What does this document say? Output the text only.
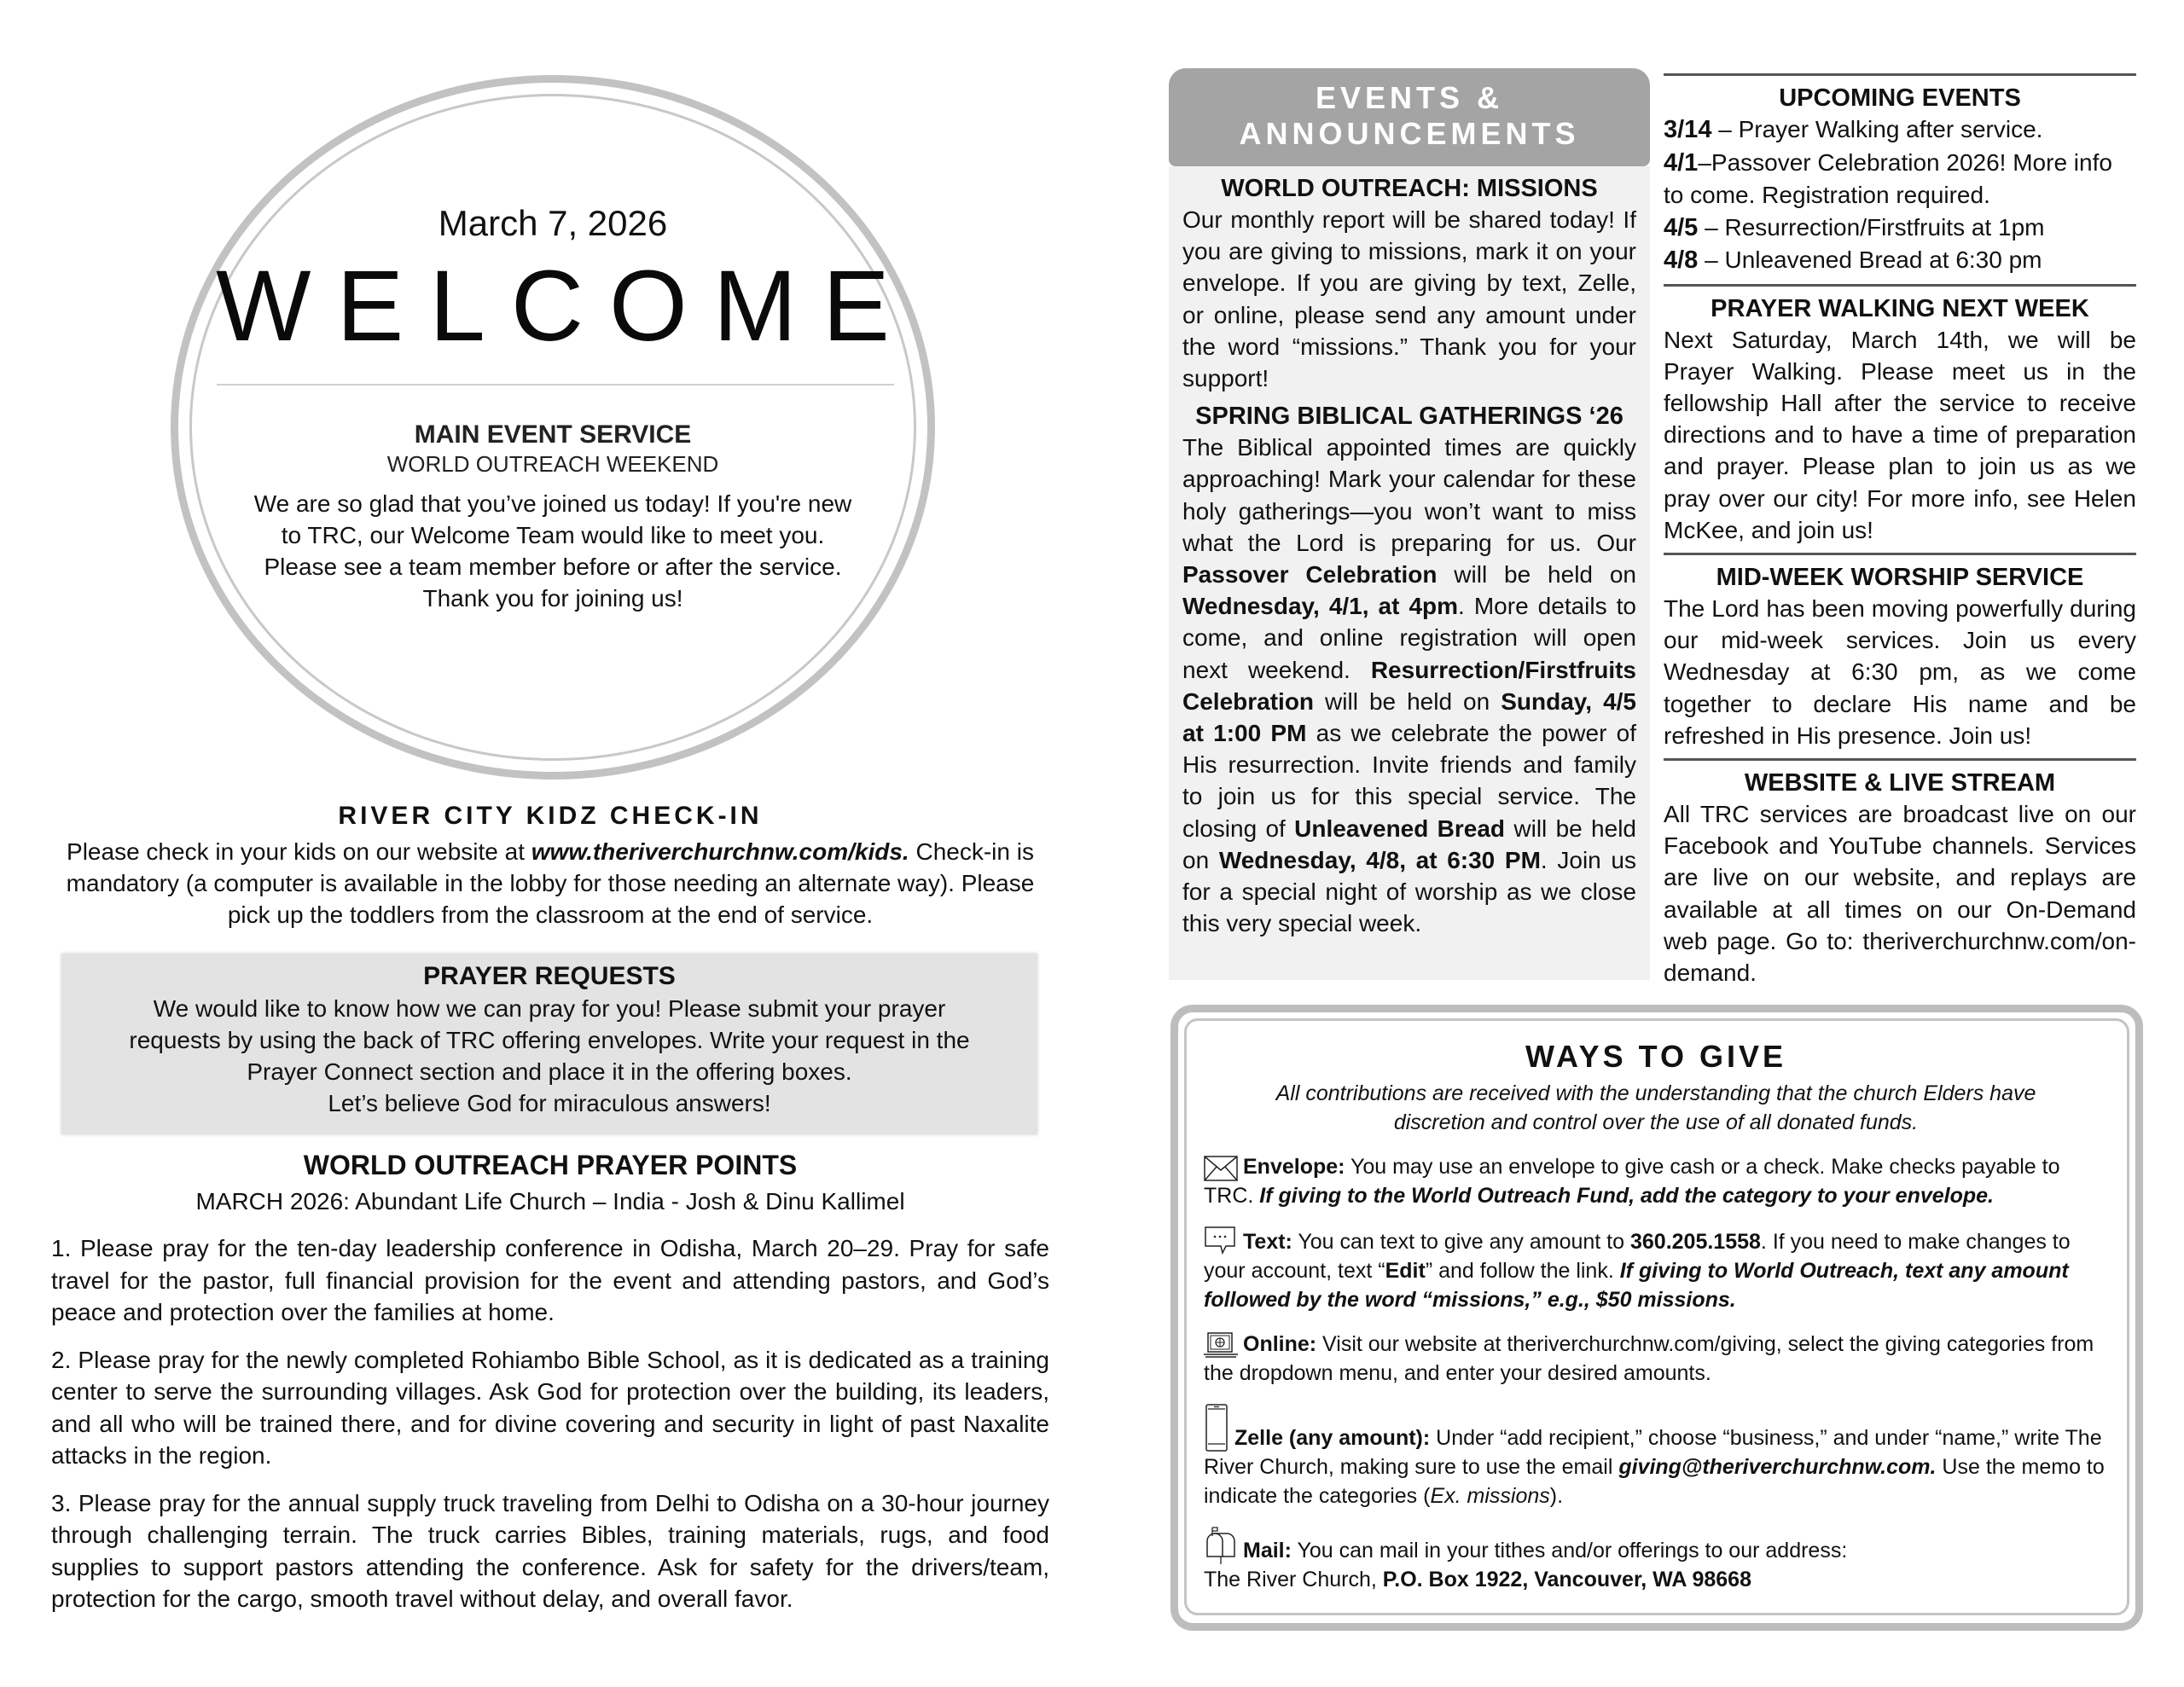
March 7, 2026
WELCOME
MAIN EVENT SERVICE
WORLD OUTREACH WEEKEND
We are so glad that you’ve joined us today! If you're new to TRC, our Welcome Team would like to meet you. Please see a team member before or after the service. Thank you for joining us!
RIVER CITY KIDZ CHECK-IN
Please check in your kids on our website at www.theriverchurchnw.com/kids. Check-in is mandatory (a computer is available in the lobby for those needing an alternate way). Please pick up the toddlers from the classroom at the end of service.
PRAYER REQUESTS
We would like to know how we can pray for you! Please submit your prayer
requests by using the back of TRC offering envelopes. Write your request in the
Prayer Connect section and place it in the offering boxes.
Let’s believe God for miraculous answers!
WORLD OUTREACH PRAYER POINTS
MARCH 2026: Abundant Life Church – India - Josh & Dinu Kallimel
1. Please pray for the ten-day leadership conference in Odisha, March 20–29. Pray for safe travel for the pastor, full financial provision for the event and attending pastors, and God’s peace and protection over the families at home.
2. Please pray for the newly completed Rohiambo Bible School, as it is dedicated as a training center to serve the surrounding villages. Ask God for protection over the building, its leaders, and all who will be trained there, and for divine covering and security in light of past Naxalite attacks in the region.
3. Please pray for the annual supply truck traveling from Delhi to Odisha on a 30-hour journey through challenging terrain. The truck carries Bibles, training materials, rugs, and food supplies to support pastors attending the conference. Ask for safety for the drivers/team, protection for the cargo, smooth travel without delay, and overall favor.
EVENTS &
ANNOUNCEMENTS
WORLD OUTREACH: MISSIONS
Our monthly report will be shared today! If you are giving to missions, mark it on your envelope. If you are giving by text, Zelle, or online, please send any amount under the word “missions.” Thank you for your support!
SPRING BIBLICAL GATHERINGS ‘26
The Biblical appointed times are quickly approaching! Mark your calendar for these holy gatherings—you won’t want to miss what the Lord is preparing for us. Our Passover Celebration will be held on Wednesday, 4/1, at 4pm. More details to come, and online registration will open next weekend. Resurrection/Firstfruits Celebration will be held on Sunday, 4/5 at 1:00 PM as we celebrate the power of His resurrection. Invite friends and family to join us for this special service. The closing of Unleavened Bread will be held on Wednesday, 4/8, at 6:30 PM. Join us for a special night of worship as we close this very special week.
UPCOMING EVENTS
3/14 – Prayer Walking after service.
4/1–Passover Celebration 2026! More info to come. Registration required.
4/5 – Resurrection/Firstfruits at 1pm
4/8 – Unleavened Bread at 6:30 pm
PRAYER WALKING NEXT WEEK
Next Saturday, March 14th, we will be Prayer Walking. Please meet us in the fellowship Hall after the service to receive directions and to have a time of preparation and prayer. Please plan to join us as we pray over our city! For more info, see Helen McKee, and join us!
MID-WEEK WORSHIP SERVICE
The Lord has been moving powerfully during our mid-week services. Join us every Wednesday at 6:30 pm, as we come together to declare His name and be refreshed in His presence. Join us!
WEBSITE & LIVE STREAM
All TRC services are broadcast live on our Facebook and YouTube channels. Services are live on our website, and replays are available at all times on our On-Demand web page. Go to: theriverchurchnw.com/on-demand.
WAYS TO GIVE
All contributions are received with the understanding that the church Elders have discretion and control over the use of all donated funds.
Envelope: You may use an envelope to give cash or a check. Make checks payable to TRC. If giving to the World Outreach Fund, add the category to your envelope.
Text: You can text to give any amount to 360.205.1558. If you need to make changes to your account, text “Edit” and follow the link. If giving to World Outreach, text any amount followed by the word “missions,” e.g., $50 missions.
Online: Visit our website at theriverchurchnw.com/giving, select the giving categories from the dropdown menu, and enter your desired amounts.
Zelle (any amount): Under “add recipient,” choose “business,” and under “name,” write The River Church, making sure to use the email giving@theriverchurchnw.com. Use the memo to indicate the categories (Ex. missions).
Mail: You can mail in your tithes and/or offerings to our address:
The River Church, P.O. Box 1922, Vancouver, WA 98668
